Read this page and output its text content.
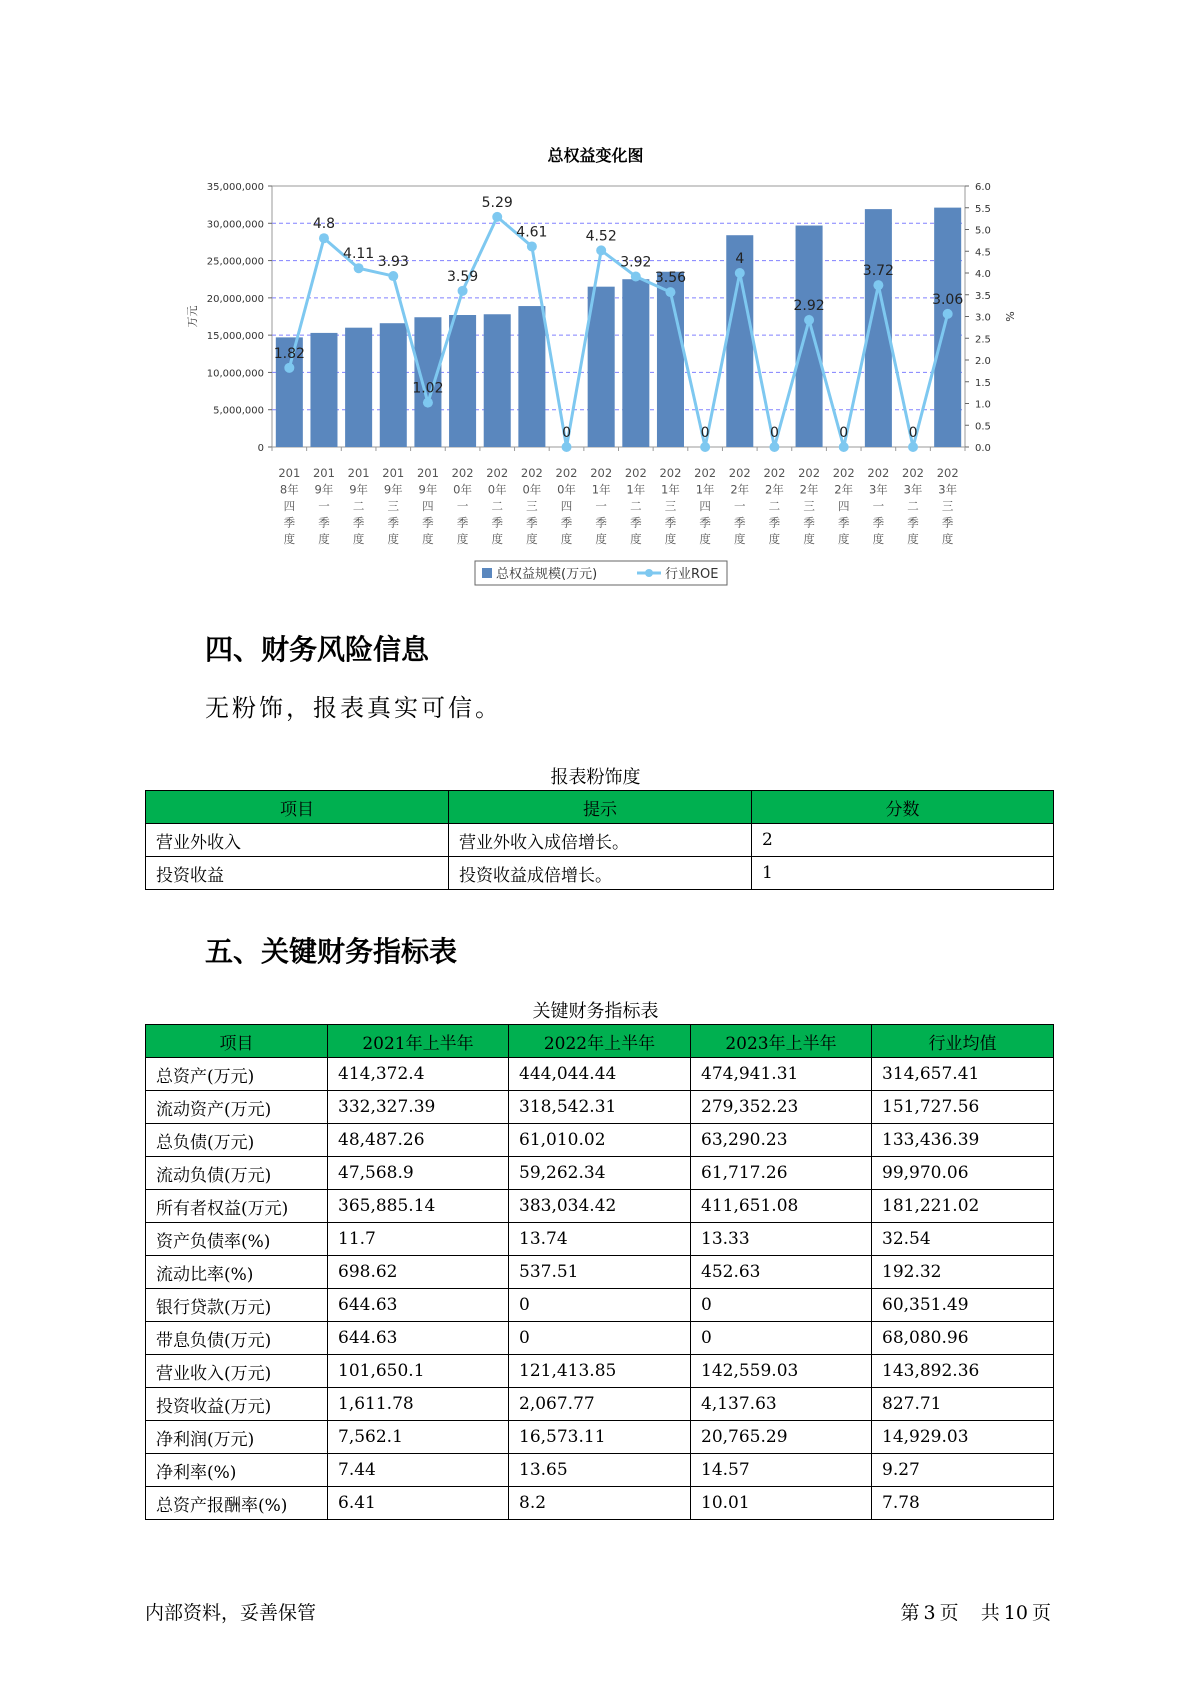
总权益变化图
35,000,000
30,000,000
25,000,000
20,000,000
15,000,000
10,000,000
5,000,000
0
6.0
5.5
5.0
4.5
4.0
3.5
3.0
2.5
2.0
1.5
1.0
0.5
0.0
万元	%
1.82
4.8
4.11 3.93
1.02
3.59
5.29
4.61
0
4.52
3.92
3.56
0
4
0
2.92
0
3.72
0
3.06
201 8年四季度
201 9年一季度
201 9年二季度
201 9年三季度
201 9年四季度
202 0年一季度
202 0年二季度
202 0年三季度
202 0年四季度
202 1年一季度
202 1年二季度
202 1年三季度
202 1年四季度
202 2年一季度
202 2年二季度
202 2年三季度
202 2年四季度
202 3年一季度
202 3年二季度
202 3年三季度
总权益规模(万元)	行业ROE
四、财务风险信息

无粉饰，报表真实可信。

报表粉饰度
项目	提示	分数
营业外收入	营业外收入成倍增长。	2
投资收益	投资收益成倍增长。	1
五、关键财务指标表
关键财务指标表
项目	2021年上半年	2022年上半年	2023年上半年	行业均值
总资产(万元)	414,372.4	444,044.44	474,941.31	314,657.41
流动资产(万元)	332,327.39	318,542.31	279,352.23	151,727.56
总负债(万元)	48,487.26	61,010.02	63,290.23	133,436.39
流动负债(万元)	47,568.9	59,262.34	61,717.26	99,970.06
所有者权益(万元)	365,885.14	383,034.42	411,651.08	181,221.02
资产负债率(%)	11.7	13.74	13.33	32.54
流动比率(%)	698.62	537.51	452.63	192.32
银行贷款(万元)	644.63	0	0	60,351.49
带息负债(万元)	644.63	0	0	68,080.96
营业收入(万元)	101,650.1	121,413.85	142,559.03	143,892.36
投资收益(万元)	1,611.78	2,067.77	4,137.63	827.71
净利润(万元)	7,562.1	16,573.11	20,765.29	14,929.03
净利率(%)	7.44	13.65	14.57	9.27
总资产报酬率(%)	6.41	8.2	10.01	7.78
内部资料，妥善保管	第 3 页 共 10 页
